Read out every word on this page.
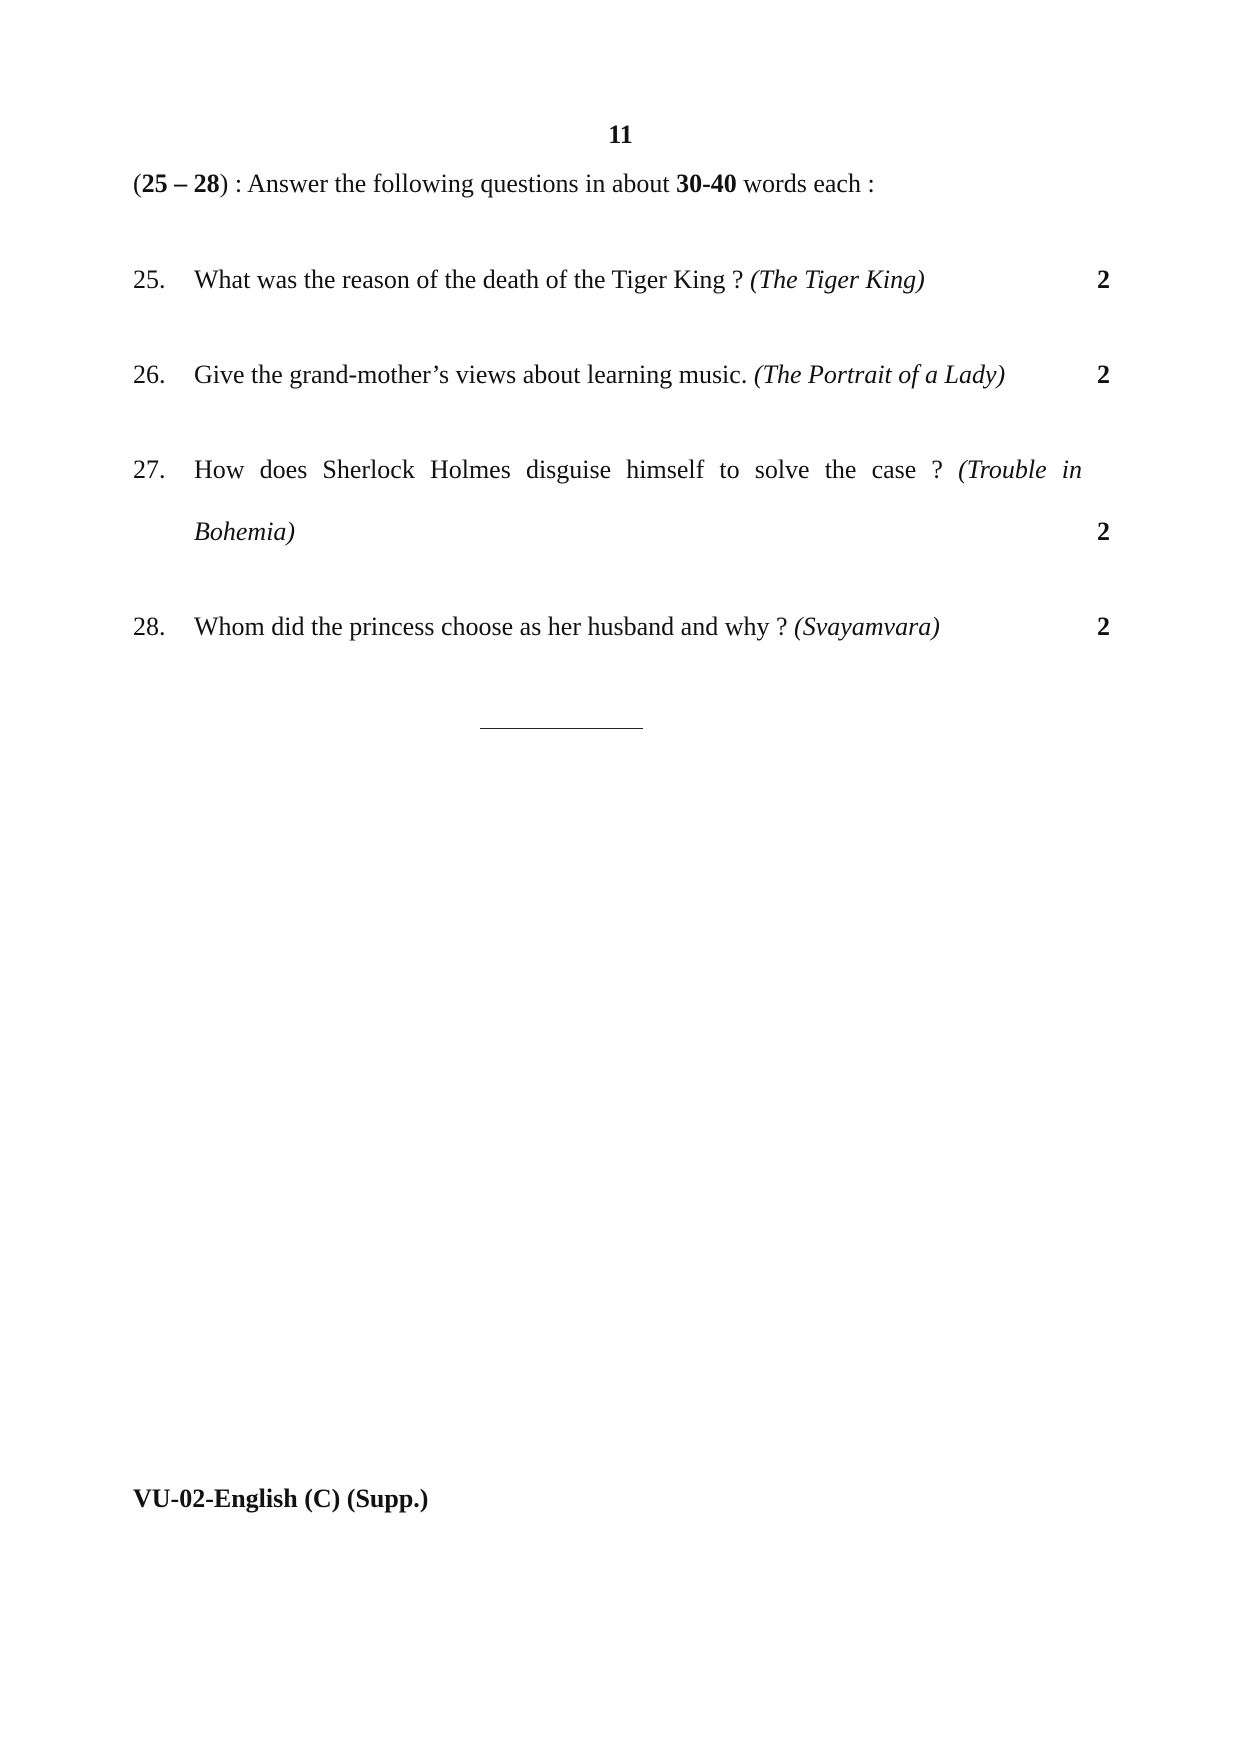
11
(25 – 28) : Answer the following questions in about 30-40 words each :
25. What was the reason of the death of the Tiger King ? (The Tiger King)	2
26. Give the grand-mother’s views about learning music. (The Portrait of a Lady)	2
27. How does Sherlock Holmes disguise himself to solve the case ? (Trouble in
Bohemia)	2
28. Whom did the princess choose as her husband and why ? (Svayamvara)	2
VU-02-English (C) (Supp.)
